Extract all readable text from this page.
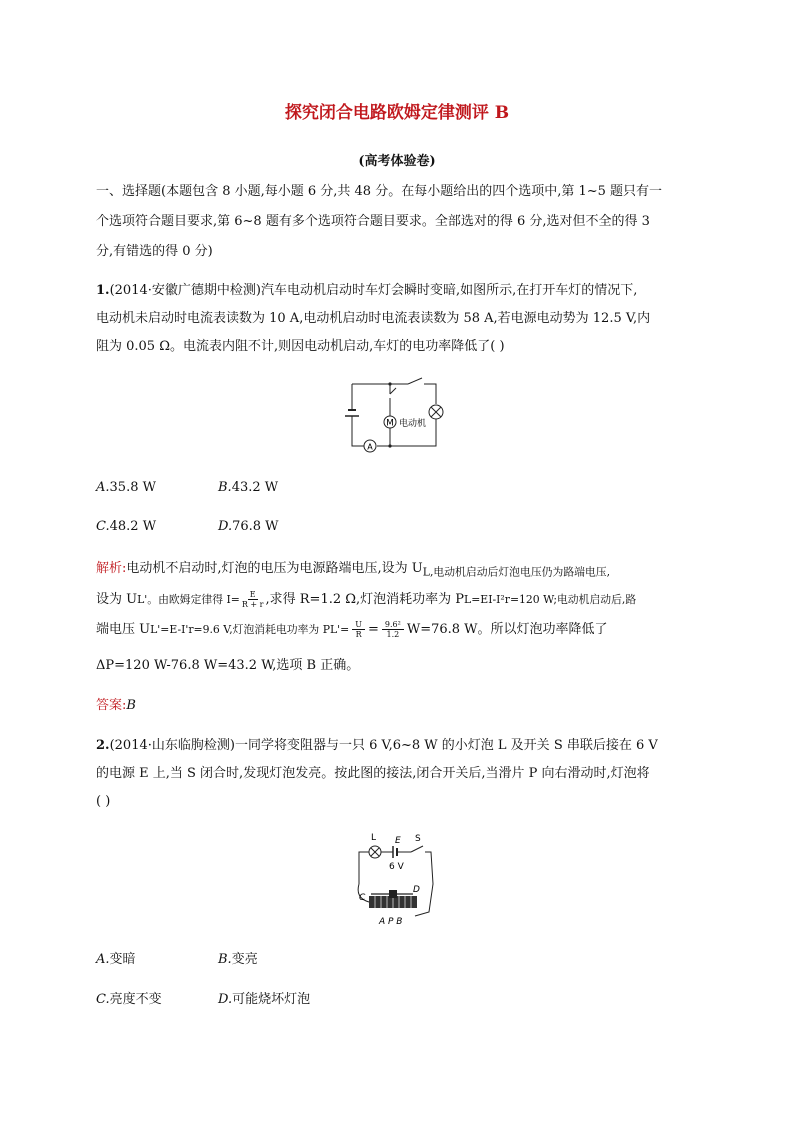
探究闭合电路欧姆定律测评 B
(高考体验卷)
一、选择题(本题包含 8 小题,每小题 6 分,共 48 分。在每小题给出的四个选项中,第 1~5 题只有一
个选项符合题目要求,第 6~8 题有多个选项符合题目要求。全部选对的得 6 分,选对但不全的得 3
分,有错选的得 0 分)
1.(2014·安徽广德期中检测)汽车电动机启动时车灯会瞬时变暗,如图所示,在打开车灯的情况下,
电动机未启动时电流表读数为 10 A,电动机启动时电流表读数为 58 A,若电源电动势为 12.5 V,内
阻为 0.05 Ω。电流表内阻不计,则因电动机启动,车灯的电功率降低了( )
M 电动机
A
A.35.8 W	B.43.2 W
C.48.2 W	D.76.8 W
解析:电动机不启动时,灯泡的电压为电源路端电压,设为 $U_{L,电动机启动后灯泡电压仍为路端电压,}$
设为 U L'。由欧姆定律得 $I= \frac{E}{R + r}$ ,求得 R=1.2 Ω,灯泡消耗功率为 P L=EI-I²r=120 W;电动机启动后,路
端电压 U L'=E-I'r=9.6 V,灯泡消耗电功率为 P $L'= \frac{U}{R} = \frac{\text{9.6²}}{1.2} W=76.8$ W。所以灯泡功率降低了
ΔP=120 W-76.8 W=43.2 W,选项 B 正确。
答案:B
2.(2014·山东临朐检测)一同学将变阻器与一只 6 V,6~8 W 的小灯泡 L 及开关 S 串联后接在 6 V
的电源 E 上,当 S 闭合时,发现灯泡发亮。按此图的接法,闭合开关后,当滑片 P 向右滑动时,灯泡将
( )
L E S
6 V
C
D
A P B
A.变暗	B.变亮
C.亮度不变	D.可能烧坏灯泡
